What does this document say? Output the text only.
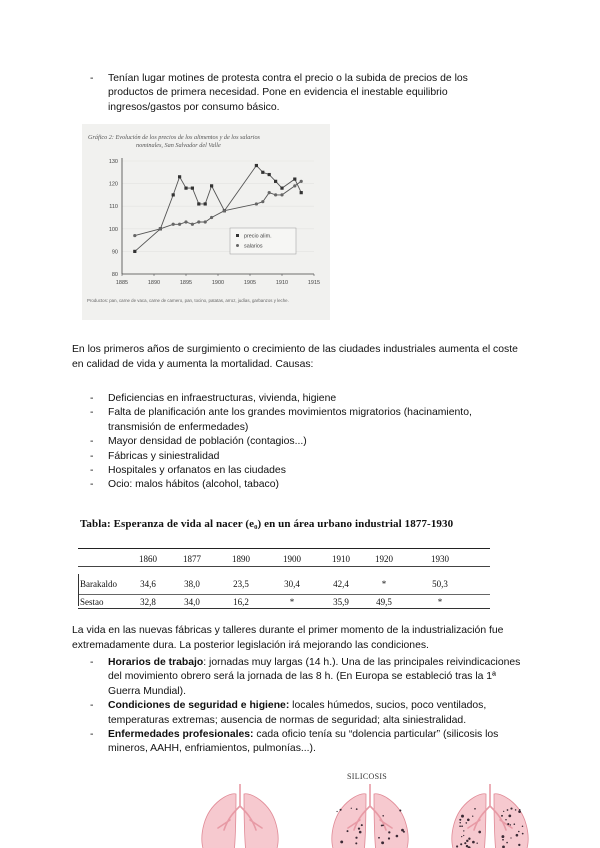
- Tenían lugar motines de protesta contra el precio o la subida de precios de los productos de primera necesidad. Pone en evidencia el inestable equilibrio ingresos/gastos por consumo básico.
Gráfico 2: Evolución de los precios de los alimentos y de los salarios nominales, San Salvador del Valle
80
90
100
110
120
130
1885	1890	1895	1900	1905	1910	1915
precio alim.
salarios
Productos: pan, carne de vaca, carne de carnero, pan, tocino, patatas, arroz, judías, garbanzos y leche.

En los primeros años de surgimiento o crecimiento de las ciudades industriales aumenta el coste en calidad de vida y aumenta la mortalidad. Causas:

- Deficiencias en infraestructuras, vivienda, higiene
- Falta de planificación ante los grandes movimientos migratorios (hacinamiento, transmisión de enfermedades)
- Mayor densidad de población (contagios...)
- Fábricas y siniestralidad
- Hospitales y orfanatos en las ciudades
- Ocio: malos hábitos (alcohol, tabaco)
Tabla: Esperanza de vida al nacer (e₀) en un área urbano industrial 1877-1930
1860	1877	1890	1900	1910	1920	1930
Barakaldo	34,6	38,0	23,5	30,4	42,4	*	50,3
Sestao	32,8	34,0	16,2	*	35,9	49,5	*

La vida en las nuevas fábricas y talleres durante el primer momento de la industrialización fue extremadamente dura. La posterior legislación irá mejorando las condiciones.

- Horarios de trabajo: jornadas muy largas (14 h.). Una de las principales reivindicaciones del movimiento obrero será la jornada de las 8 h. (En Europa se estableció tras la 1ª Guerra Mundial).
- Condiciones de seguridad e higiene: locales húmedos, sucios, poco ventilados, temperaturas extremas; ausencia de normas de seguridad; alta siniestralidad.
- Enfermedades profesionales: cada oficio tenía su “dolencia particular” (silicosis los mineros, AAHH, enfriamientos, pulmonías...).
SILICOSIS
